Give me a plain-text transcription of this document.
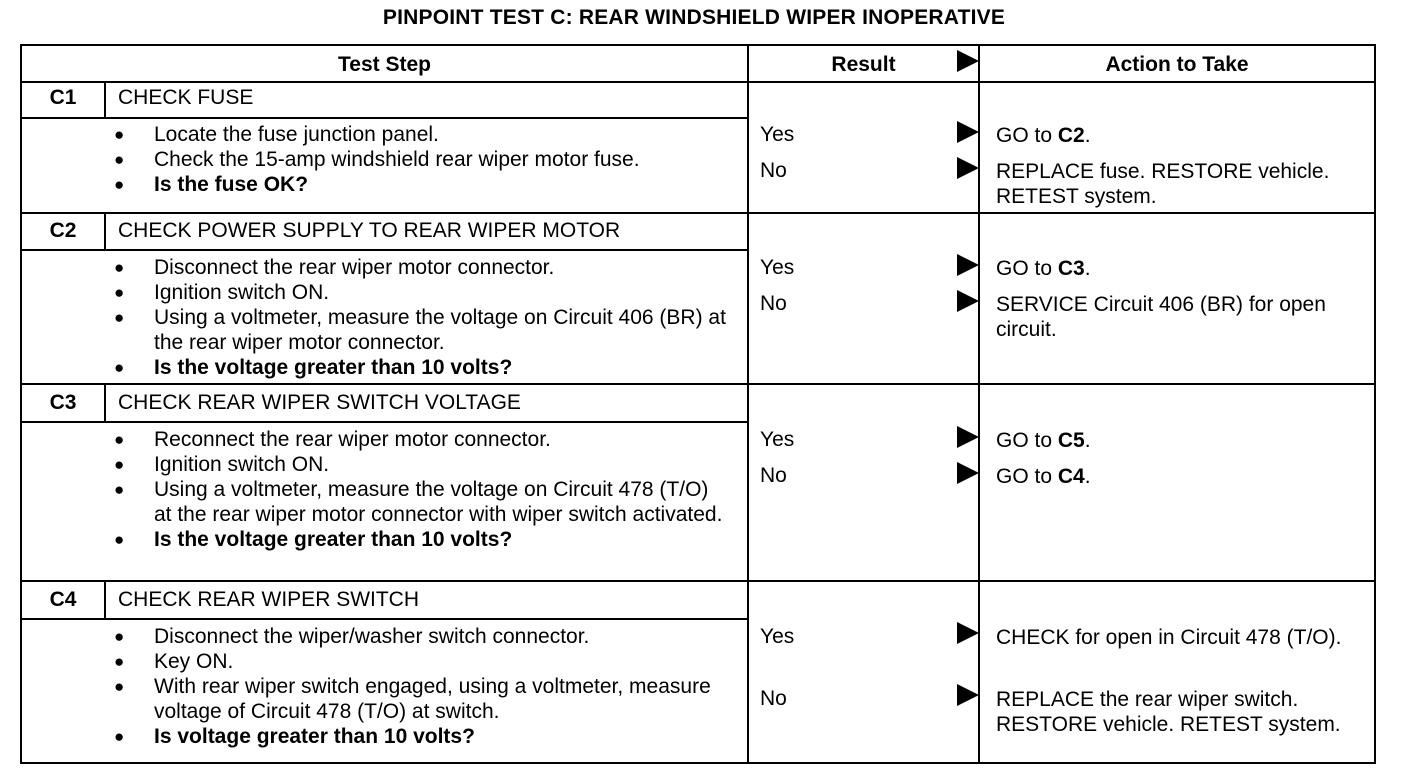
PINPOINT TEST C: REAR WINDSHIELD WIPER INOPERATIVE
Test Step	Result	Action to Take
C1	CHECK FUSE
● Locate the fuse junction panel.
● Check the 15-amp windshield rear wiper motor fuse.
● Is the fuse OK?
Yes	GO to C2.
No	REPLACE fuse. RESTORE vehicle. RETEST system.
C2	CHECK POWER SUPPLY TO REAR WIPER MOTOR
● Disconnect the rear wiper motor connector.
● Ignition switch ON.
● Using a voltmeter, measure the voltage on Circuit 406 (BR) at the rear wiper motor connector.
● Is the voltage greater than 10 volts?
Yes	GO to C3.
No	SERVICE Circuit 406 (BR) for open circuit.
C3	CHECK REAR WIPER SWITCH VOLTAGE
● Reconnect the rear wiper motor connector.
● Ignition switch ON.
● Using a voltmeter, measure the voltage on Circuit 478 (T/O) at the rear wiper motor connector with wiper switch activated.
● Is the voltage greater than 10 volts?
Yes	GO to C5.
No	GO to C4.
C4	CHECK REAR WIPER SWITCH
● Disconnect the wiper/washer switch connector.
● Key ON.
● With rear wiper switch engaged, using a voltmeter, measure voltage of Circuit 478 (T/O) at switch.
● Is voltage greater than 10 volts?
Yes	CHECK for open in Circuit 478 (T/O).
No	REPLACE the rear wiper switch. RESTORE vehicle. RETEST system.
